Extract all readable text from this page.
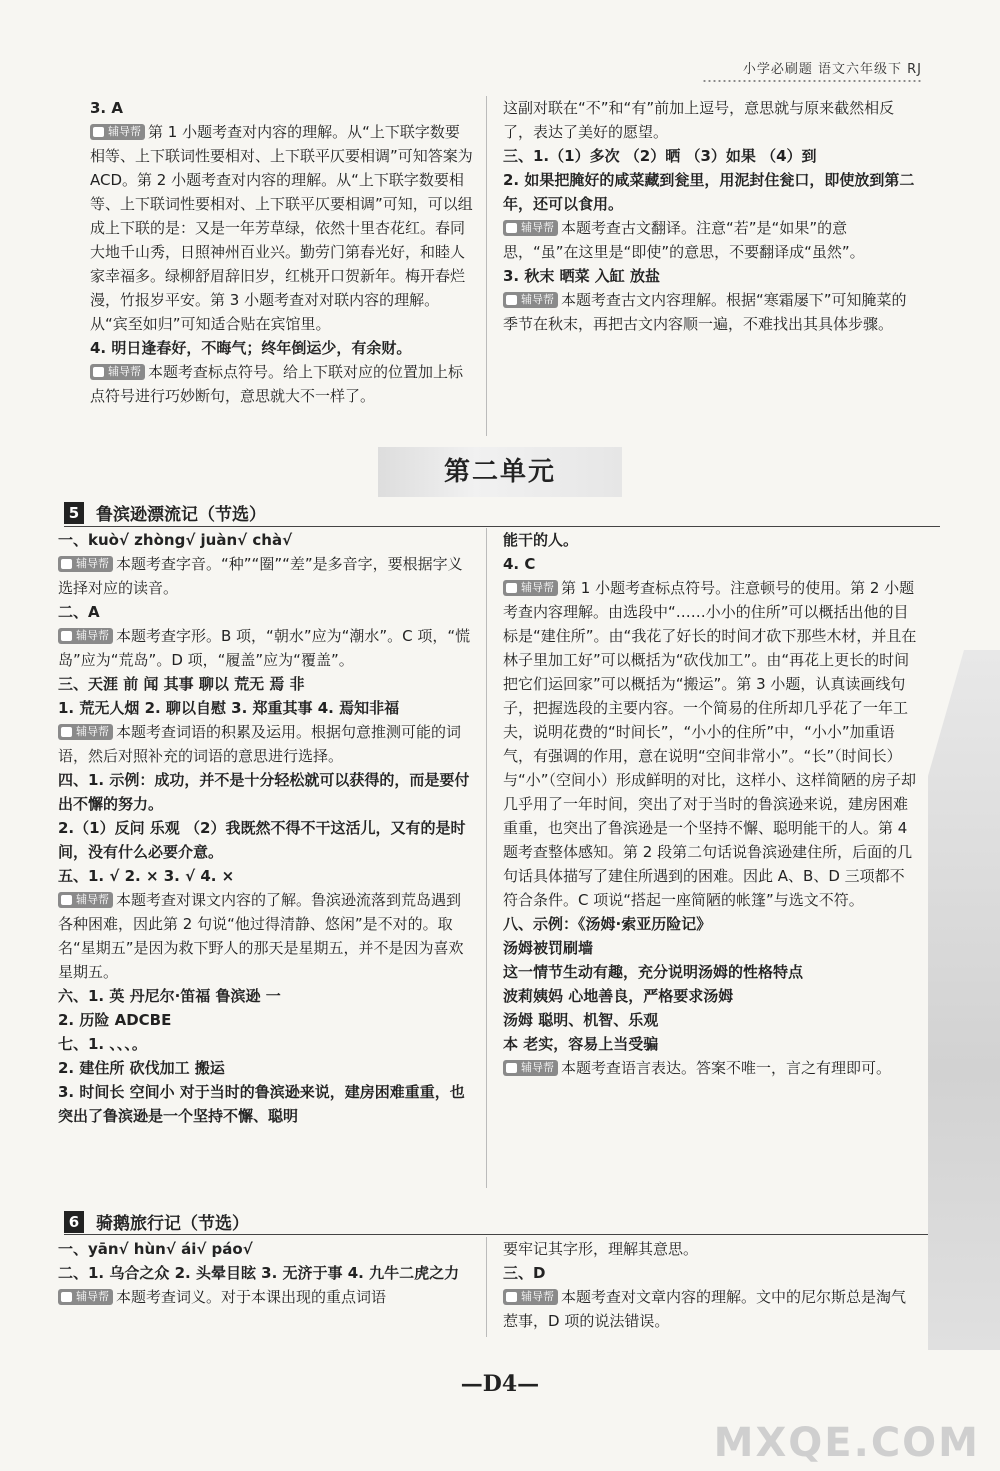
小学必刷题 语文六年级下 RJ

3. A

辅导帮 第 1 小题考查对内容的理解。从“上下联字数要相等、上下联词性要相对、上下联平仄要相调”可知答案为 ACD。第 2 小题考查对内容的理解。从“上下联字数要相等、上下联词性要相对、上下联平仄要相调”可知，可以组成上下联的是：又是一年芳草绿，依然十里杏花红。春同大地千山秀，日照神州百业兴。勤劳门第春光好，和睦人家幸福多。绿柳舒眉辞旧岁，红桃开口贺新年。梅开春烂漫，竹报岁平安。第 3 小题考查对对联内容的理解。从“宾至如归”可知适合贴在宾馆里。

4. 明日逢春好，不晦气；终年倒运少，有余财。

辅导帮 本题考查标点符号。给上下联对应的位置加上标点符号进行巧妙断句，意思就大不一样了。

这副对联在“不”和“有”前加上逗号，意思就与原来截然相反了，表达了美好的愿望。

三、1.（1）多次 （2）晒 （3）如果 （4）到

2. 如果把腌好的咸菜藏到瓮里，用泥封住瓮口，即使放到第二年，还可以食用。

辅导帮 本题考查古文翻译。注意“若”是“如果”的意思，“虽”在这里是“即使”的意思，不要翻译成“虽然”。

3. 秋末 晒菜 入缸 放盐

辅导帮 本题考查古文内容理解。根据“寒霜屡下”可知腌菜的季节在秋末，再把古文内容顺一遍，不难找出其具体步骤。

第二单元
5 鲁滨逊漂流记（节选）

一、kuò√ zhòng√ juàn√ chà√

辅导帮 本题考查字音。“种”“圈”“差”是多音字，要根据字义选择对应的读音。

二、A

辅导帮 本题考查字形。B 项，“朝水”应为“潮水”。C 项，“慌岛”应为“荒岛”。D 项，“履盖”应为“覆盖”。

三、天涯 前 闻 其事 聊以 荒无 焉 非

1. 荒无人烟 2. 聊以自慰 3. 郑重其事 4. 焉知非福

辅导帮 本题考查词语的积累及运用。根据句意推测可能的词语，然后对照补充的词语的意思进行选择。

四、1. 示例：成功，并不是十分轻松就可以获得的，而是要付出不懈的努力。

2.（1）反问 乐观 （2）我既然不得不干这活儿，又有的是时间，没有什么必要介意。

五、1. √ 2. × 3. √ 4. ×

辅导帮 本题考查对课文内容的了解。鲁滨逊流落到荒岛遇到各种困难，因此第 2 句说“他过得清静、悠闲”是不对的。取名“星期五”是因为救下野人的那天是星期五，并不是因为喜欢星期五。

六、1. 英 丹尼尔·笛福 鲁滨逊 一

2. 历险 ADCBE

七、1. 、、、。

2. 建住所 砍伐加工 搬运

3. 时间长 空间小 对于当时的鲁滨逊来说，建房困难重重，也突出了鲁滨逊是一个坚持不懈、聪明

能干的人。

4. C

辅导帮 第 1 小题考查标点符号。注意顿号的使用。第 2 小题考查内容理解。由选段中“……小小的住所”可以概括出他的目标是“建住所”。由“我花了好长的时间才砍下那些木材，并且在林子里加工好”可以概括为“砍伐加工”。由“再花上更长的时间把它们运回家”可以概括为“搬运”。第 3 小题，认真读画线句子，把握选段的主要内容。一个简易的住所却几乎花了一年工夫，说明花费的“时间长”，“小小的住所”中，“小小”加重语气，有强调的作用，意在说明“空间非常小”。“长”（时间长）与“小”（空间小）形成鲜明的对比，这样小、这样简陋的房子却几乎用了一年时间，突出了对于当时的鲁滨逊来说，建房困难重重，也突出了鲁滨逊是一个坚持不懈、聪明能干的人。第 4 题考查整体感知。第 2 段第二句话说鲁滨逊建住所，后面的几句话具体描写了建住所遇到的困难。因此 A、B、D 三项都不符合条件。C 项说“搭起一座简陋的帐篷”与选文不符。

八、示例：《汤姆·索亚历险记》

汤姆被罚刷墙

这一情节生动有趣，充分说明汤姆的性格特点

波莉姨妈 心地善良，严格要求汤姆

汤姆 聪明、机智、乐观

本 老实，容易上当受骗

辅导帮 本题考查语言表达。答案不唯一，言之有理即可。

6 骑鹅旅行记（节选）

一、yān√ hùn√ ái√ páo√

二、1. 乌合之众 2. 头晕目眩 3. 无济于事 4. 九牛二虎之力

辅导帮 本题考查词义。对于本课出现的重点词语

要牢记其字形，理解其意思。

三、D

辅导帮 本题考查对文章内容的理解。文中的尼尔斯总是淘气惹事，D 项的说法错误。

—D4—
MXQE.COM
